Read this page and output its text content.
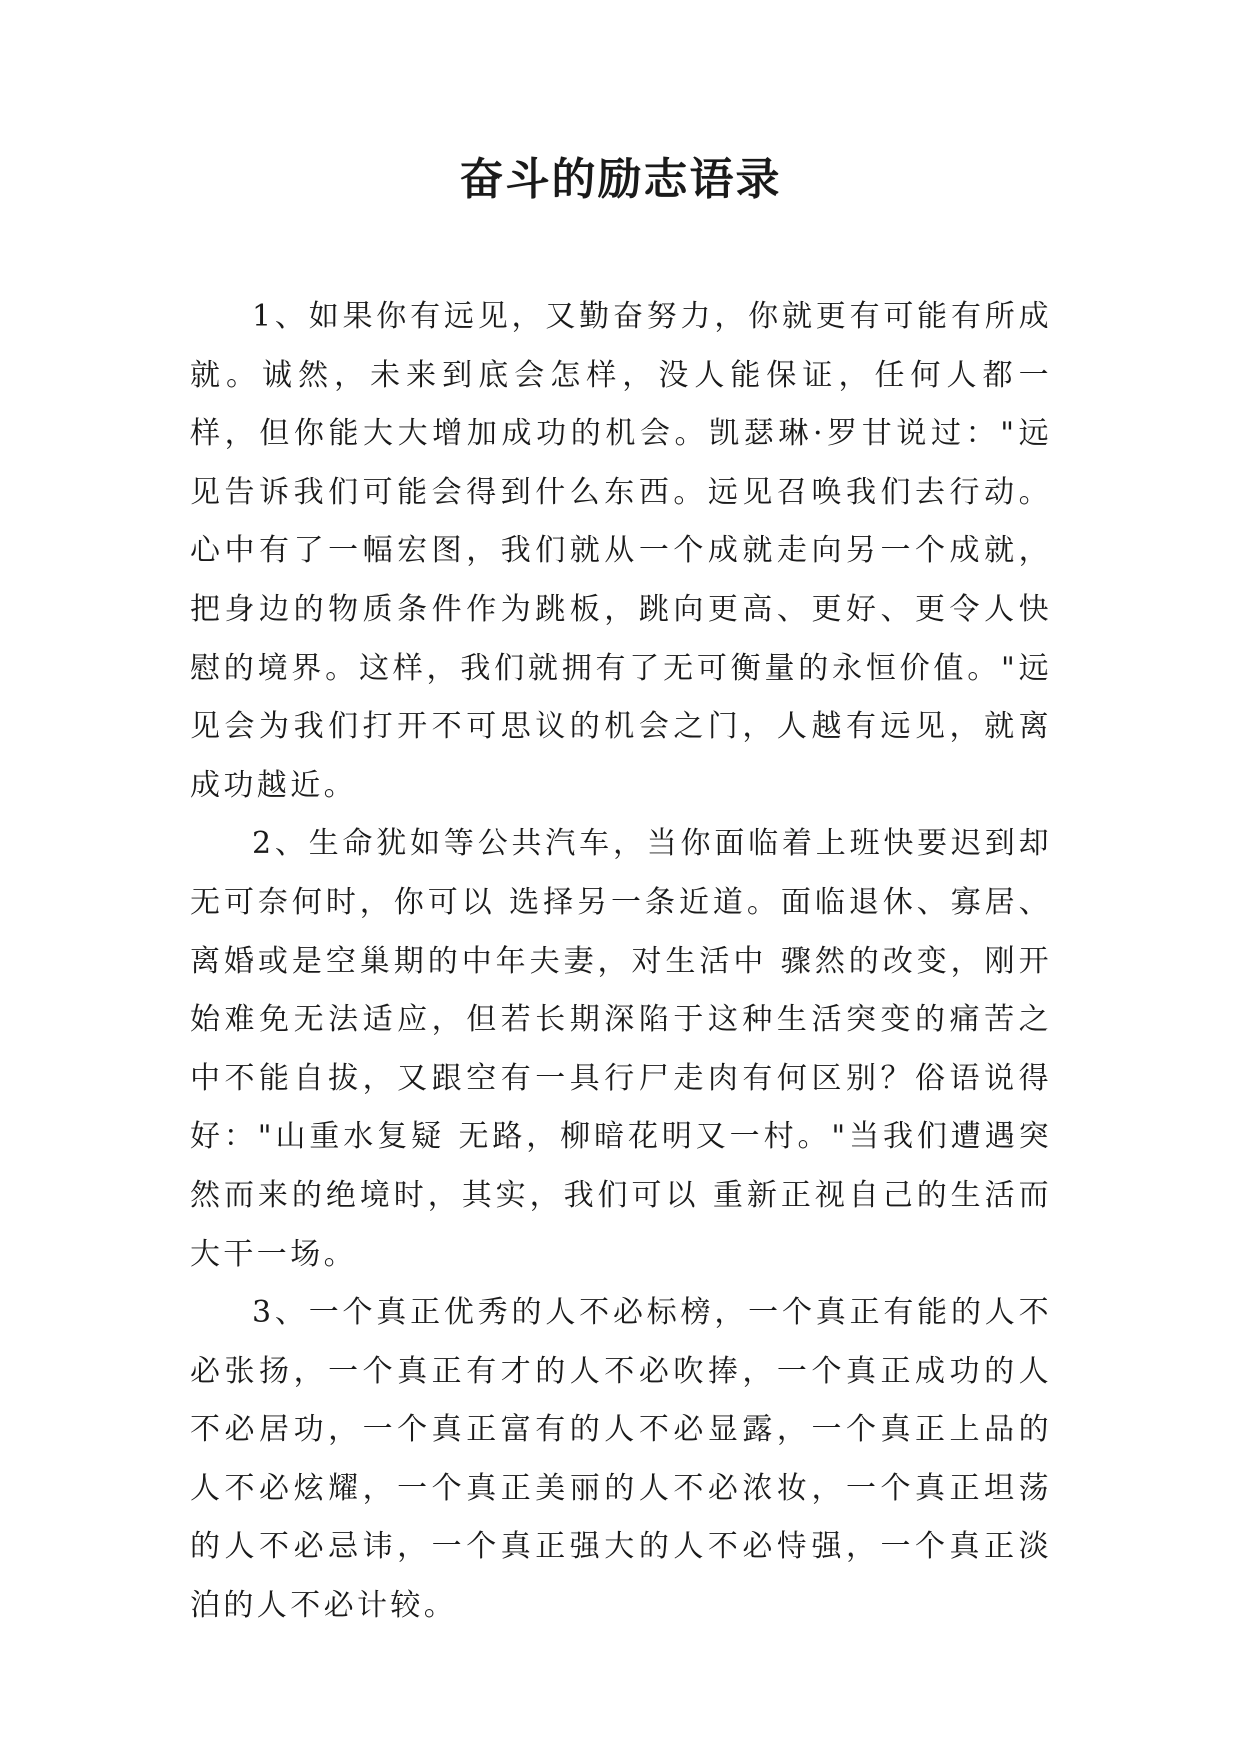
奋斗的励志语录

1、如果你有远见，又勤奋努力，你就更有可能有所成就。诚然，未来到底会怎样，没人能保证，任何人都一样，但你能大大增加成功的机会。凯瑟琳·罗甘说过："远见告诉我们可能会得到什么东西。远见召唤我们去行动。心中有了一幅宏图，我们就从一个成就走向另一个成就，把身边的物质条件作为跳板，跳向更高、更好、更令人快慰的境界。这样，我们就拥有了无可衡量的永恒价值。"远见会为我们打开不可思议的机会之门，人越有远见，就离成功越近。

2、生命犹如等公共汽车，当你面临着上班快要迟到却无可奈何时，你可以 选择另一条近道。面临退休、寡居、离婚或是空巢期的中年夫妻，对生活中 骤然的改变，刚开始难免无法适应，但若长期深陷于这种生活突变的痛苦之中不能自拔，又跟空有一具行尸走肉有何区别？俗语说得好："山重水复疑 无路，柳暗花明又一村。"当我们遭遇突然而来的绝境时，其实，我们可以 重新正视自己的生活而大干一场。

3、一个真正优秀的人不必标榜，一个真正有能的人不必张扬，一个真正有才的人不必吹捧，一个真正成功的人不必居功，一个真正富有的人不必显露，一个真正上品的人不必炫耀，一个真正美丽的人不必浓妆，一个真正坦荡的人不必忌讳，一个真正强大的人不必恃强，一个真正淡泊的人不必计较。
